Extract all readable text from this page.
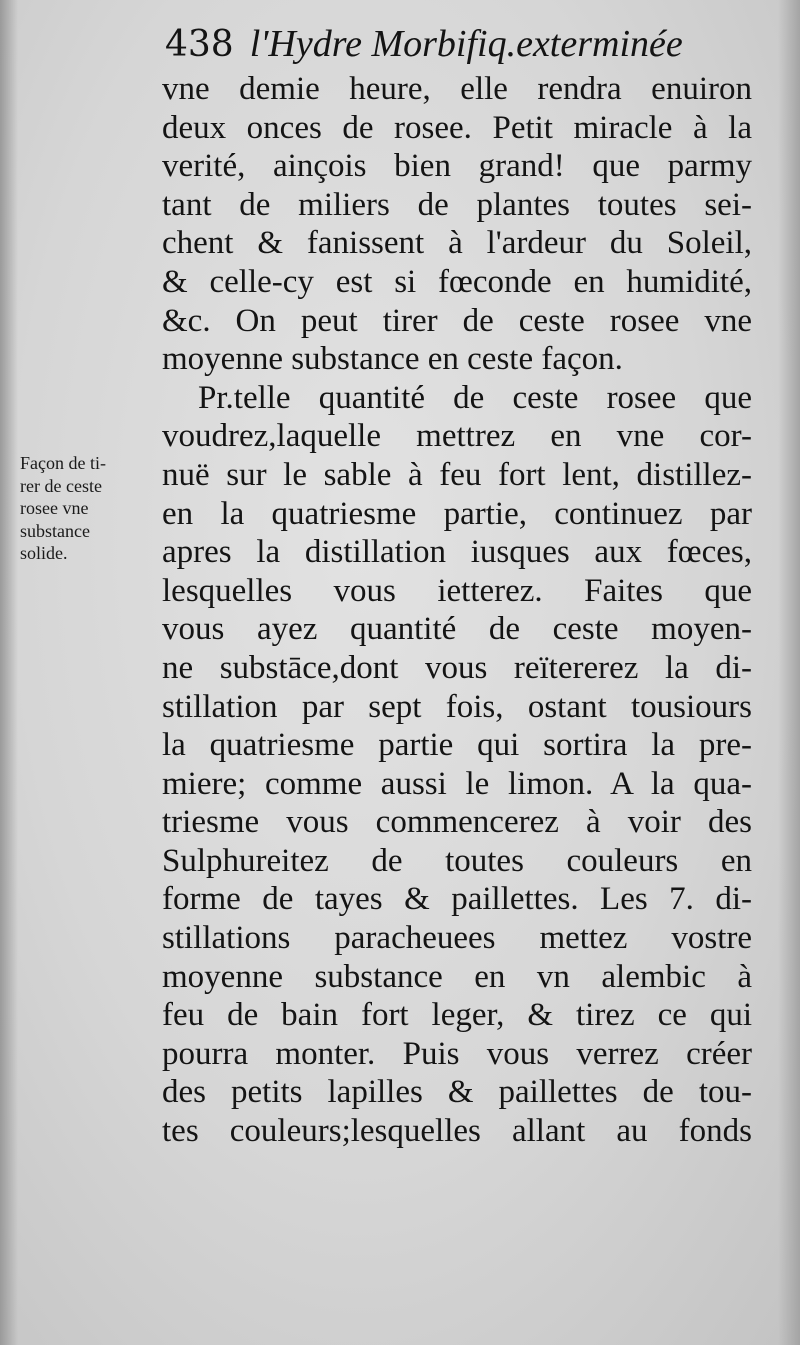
438 l'Hydre Morbifiq.exterminée
Façon de ti-
rer de ceste
rosee vne
substance
solide.
vne demie heure, elle rendra enuiron
deux onces de rosee. Petit miracle à la
verité, ainçois bien grand! que parmy
tant de miliers de plantes toutes sei-
chent & fanissent à l'ardeur du Soleil,
& celle-cy est si fœconde en humidité,
&c. On peut tirer de ceste rosee vne
moyenne substance en ceste façon.
Pr.telle quantité de ceste rosee que
voudrez,laquelle mettrez en vne cor-
nuë sur le sable à feu fort lent, distillez-
en la quatriesme partie, continuez par
apres la distillation iusques aux fœces,
lesquelles vous ietterez. Faites que
vous ayez quantité de ceste moyen-
ne substāce,dont vous reïtererez la di-
stillation par sept fois, ostant tousiours
la quatriesme partie qui sortira la pre-
miere; comme aussi le limon. A la qua-
triesme vous commencerez à voir des
Sulphureitez de toutes couleurs en
forme de tayes & paillettes. Les 7. di-
stillations paracheuees mettez vostre
moyenne substance en vn alembic à
feu de bain fort leger, & tirez ce qui
pourra monter. Puis vous verrez créer
des petits lapilles & paillettes de tou-
tes couleurs;lesquelles allant au fonds
